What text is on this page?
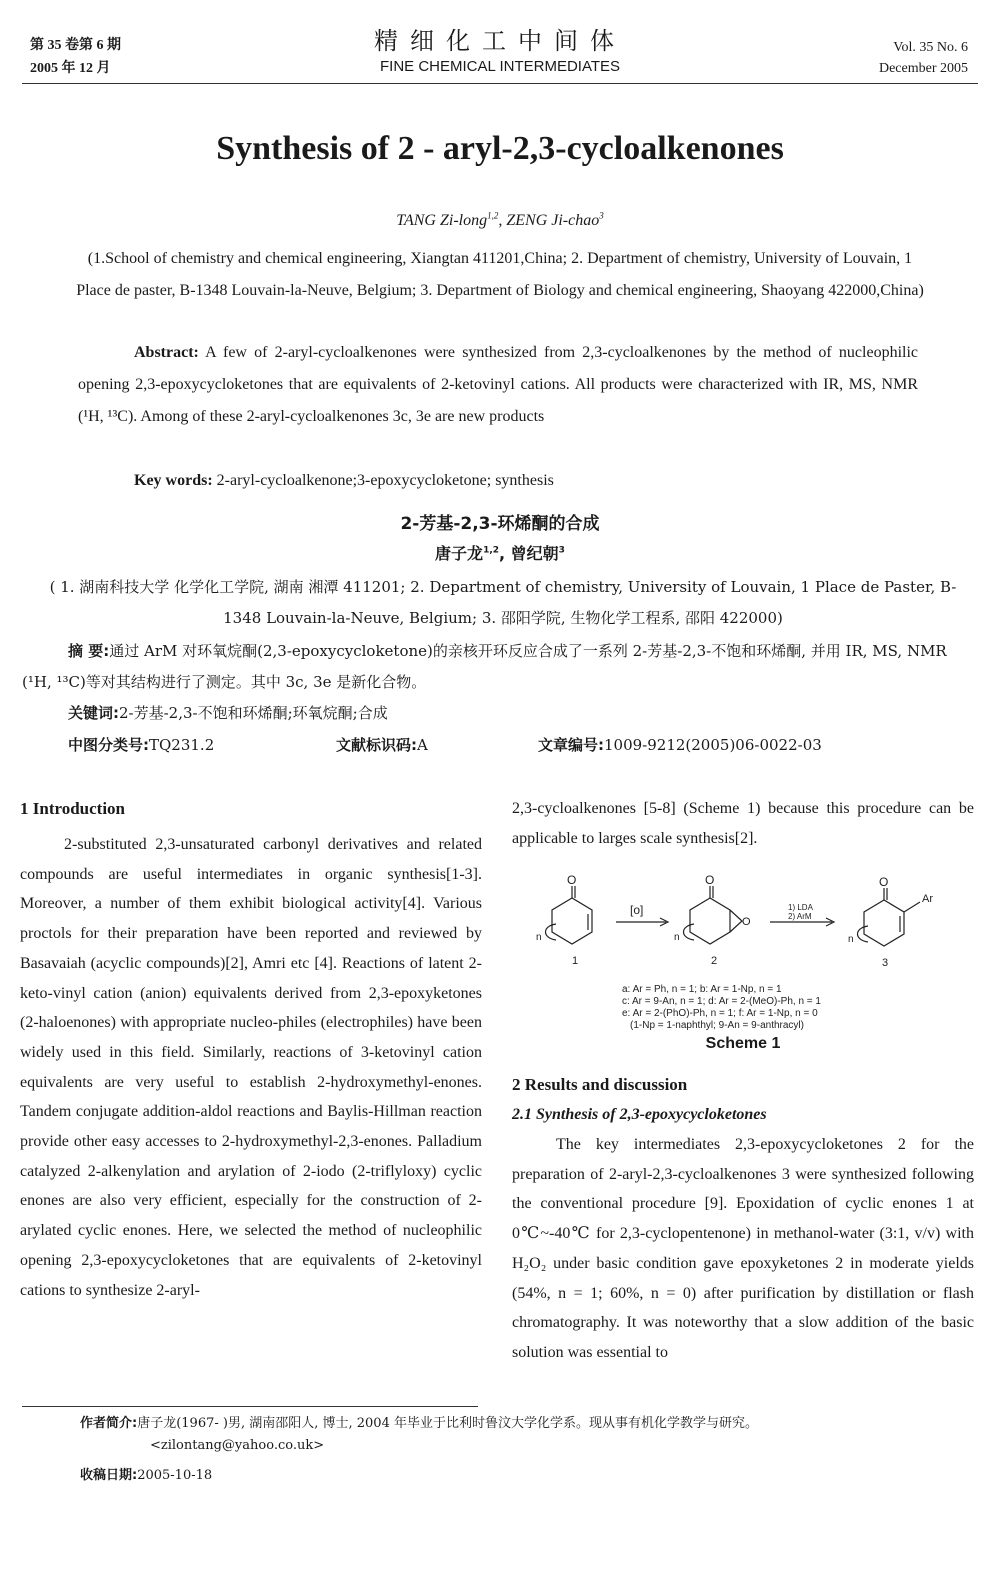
第 35 卷第 6 期
2005 年 12 月
精细化工中间体
FINE CHEMICAL INTERMEDIATES
Vol. 35 No. 6
December 2005
Synthesis of 2 - aryl-2,3-cycloalkenones
TANG Zi-long$^{1,2}$, ZENG Ji-chao$^3$
(1.School of chemistry and chemical engineering, Xiangtan 411201,China; 2. Department of chemistry, University of Louvain, 1 Place de paster, B-1348 Louvain-la-Neuve, Belgium; 3. Department of Biology and chemical engineering, Shaoyang 422000,China)
Abstract: A few of 2-aryl-cycloalkenones were synthesized from 2,3-cycloalkenones by the method of nucleophilic opening 2,3-epoxycycloketones that are equivalents of 2-ketovinyl cations. All products were characterized with IR, MS, NMR (¹H, ¹³C). Among of these 2-aryl-cycloalkenones 3c, 3e are new products
Key words: 2-aryl-cycloalkenone;3-epoxycycloketone; synthesis
2-芳基-2,3-环烯酮的合成
唐子龙$^{1,2}$, 曾纪朝$^3$
( 1. 湖南科技大学 化学化工学院, 湖南 湘潭 411201; 2. Department of chemistry, University of Louvain, 1 Place de Paster, B-1348 Louvain-la-Neuve, Belgium; 3. 邵阳学院, 生物化学工程系, 邵阳 422000)
摘 要:通过 ArM 对环氧烷酮(2,3-epoxycycloketone)的亲核开环反应合成了一系列 2-芳基-2,3-不饱和环烯酮, 并用 IR, MS, NMR (¹H, ¹³C)等对其结构进行了测定。其中 3c, 3e 是新化合物。
关键词:2-芳基-2,3-不饱和环烯酮;环氧烷酮;合成
中图分类号:TQ231.2	文献标识码:A	文章编号:1009-9212(2005)06-0022-03
1 Introduction

2-substituted 2,3-unsaturated carbonyl derivatives and related compounds are useful intermediates in organic synthesis[1-3]. Moreover, a number of them exhibit biological activity[4]. Various proctols for their preparation have been reported and reviewed by Basavaiah (acyclic compounds)[2], Amri etc [4]. Reactions of latent 2-keto-vinyl cation (anion) equivalents derived from 2,3-epoxyketones (2-haloenones) with appropriate nucleo-philes (electrophiles) have been widely used in this field. Similarly, reactions of 3-ketovinyl cation equivalents are very useful to establish 2-hydroxymethyl-enones. Tandem conjugate addition-aldol reactions and Baylis-Hillman reaction provide other easy accesses to 2-hydroxymethyl-2,3-enones. Palladium catalyzed 2-alkenylation and arylation of 2-iodo (2-triflyloxy) cyclic enones are also very efficient, especially for the construction of 2-arylated cyclic enones. Here, we selected the method of nucleophilic opening 2,3-epoxycycloketones that are equivalents of 2-ketovinyl cations to synthesize 2-aryl-

2,3-cycloalkenones [5-8] (Scheme 1) because this procedure can be applicable to larges scale synthesis[2].

O
n
1
[o]
O
O
n
2
1) LDA
2) ArM
O
Ar
n
3
a: Ar = Ph, n = 1; b: Ar = 1-Np, n = 1
c: Ar = 9-An, n = 1; d: Ar = 2-(MeO)-Ph, n = 1
e: Ar = 2-(PhO)-Ph, n = 1; f: Ar = 1-Np, n = 0
(1-Np = 1-naphthyl; 9-An = 9-anthracyl)
Scheme 1
2 Results and discussion
2.1 Synthesis of 2,3-epoxycycloketones

The key intermediates 2,3-epoxycycloketones 2 for the preparation of 2-aryl-2,3-cycloalkenones 3 were synthesized following the conventional procedure [9]. Epoxidation of cyclic enones 1 at 0℃~-40℃ for 2,3-cyclopentenone) in methanol-water (3:1, v/v) with H₂O₂ under basic condition gave epoxyketones 2 in moderate yields (54%, n = 1; 60%, n = 0) after purification by distillation or flash chromatography. It was noteworthy that a slow addition of the basic solution was essential to

作者简介:唐子龙(1967- )男, 湖南邵阳人, 博士, 2004 年毕业于比利时鲁汶大学化学系。现从事有机化学教学与研究。
<zilontang@yahoo.co.uk>
收稿日期:2005-10-18
